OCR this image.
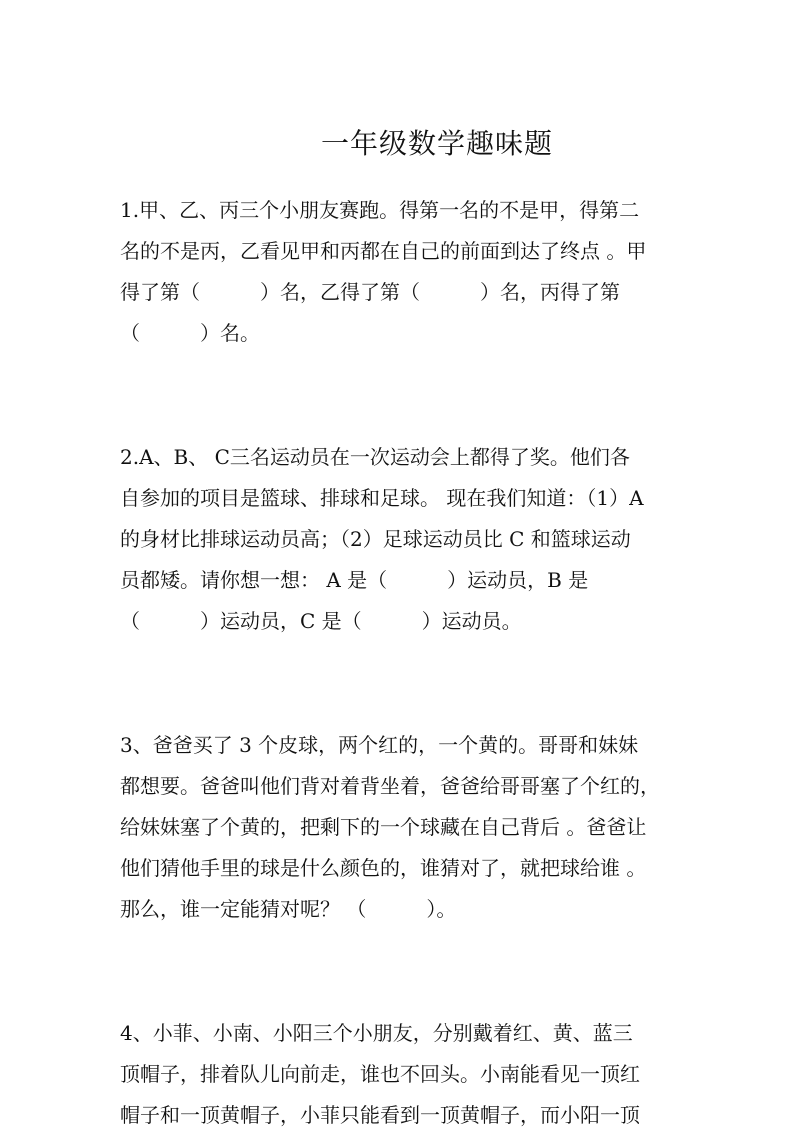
一年级数学趣味题
1.甲、乙、丙三个小朋友赛跑。得第一名的不是甲，得第二
名的不是丙，乙看见甲和丙都在自己的前面到达了终点 。甲
得了第（　　　）名，乙得了第（　　　）名，丙得了第
（　　　）名。
2.A、B、 C三名运动员在一次运动会上都得了奖。他们各
自参加的项目是篮球、排球和足球。 现在我们知道：（1）A
的身材比排球运动员高；（2）足球运动员比 C 和篮球运动
员都矮。请你想一想： A 是（　　　）运动员，B 是
（　　　）运动员，C 是（　　　）运动员。
3、爸爸买了 3 个皮球，两个红的，一个黄的。哥哥和妹妹
都想要。爸爸叫他们背对着背坐着，爸爸给哥哥塞了个红的，
给妹妹塞了个黄的，把剩下的一个球藏在自己背后 。爸爸让
他们猜他手里的球是什么颜色的，谁猜对了，就把球给谁 。
那么，谁一定能猜对呢？ （　　　）。
4、小菲、小南、小阳三个小朋友，分别戴着红、黄、蓝三
顶帽子，排着队儿向前走，谁也不回头。小南能看见一顶红
帽子和一顶黄帽子，小菲只能看到一顶黄帽子，而小阳一顶
